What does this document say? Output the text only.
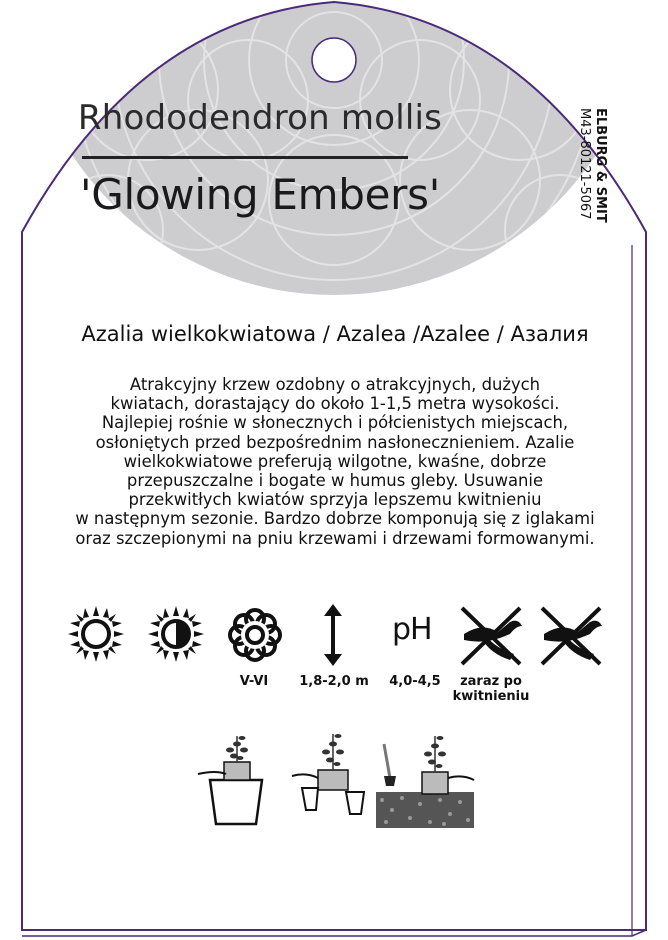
Rhododendron mollis
'Glowing Embers'	ELBURG & SMIT
M43-80121-5067
Azalia wielkokwiatowa / Azalea /Azalee / Азалия
Atrakcyjny krzew ozdobny o atrakcyjnych, dużych
kwiatach, dorastający do około 1-1,5 metra wysokości.
Najlepiej rośnie w słonecznych i półcienistych miejscach,
osłoniętych przed bezpośrednim nasłonecznieniem. Azalie
wielkokwiatowe preferują wilgotne, kwaśne, dobrze
przepuszczalne i bogate w humus gleby. Usuwanie
przekwitłych kwiatów sprzyja lepszemu kwitnieniu
w następnym sezonie. Bardzo dobrze komponują się z iglakami
oraz szczepionymi na pniu krzewami i drzewami formowanymi.
pH
V-VI	1,8-2,0 m	4,0-4,5	zaraz po
kwitnieniu
